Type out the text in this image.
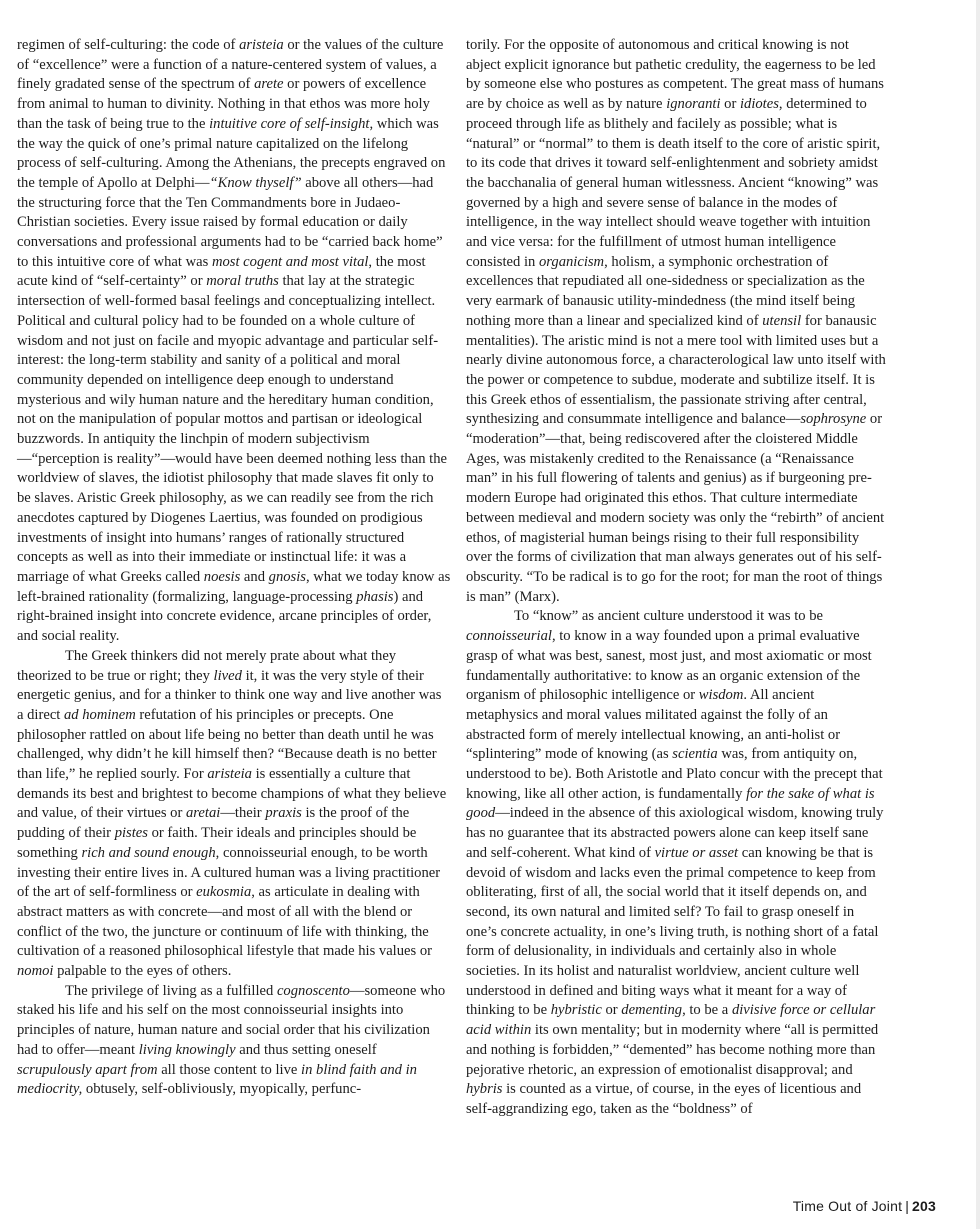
regimen of self-culturing: the code of aristeia or the values of the culture of “excellence” were a function of a nature-centered system of values, a finely gradated sense of the spectrum of arete or powers of excellence from animal to human to divinity. Nothing in that ethos was more holy than the task of being true to the intuitive core of self-insight, which was the way the quick of one’s primal nature capitalized on the lifelong process of self-culturing. Among the Athenians, the precepts engraved on the temple of Apollo at Delphi—“Know thyself” above all others—had the structuring force that the Ten Commandments bore in Judaeo-Christian societies. Every issue raised by formal education or daily conversations and professional arguments had to be “carried back home” to this intuitive core of what was most cogent and most vital, the most acute kind of “self-certainty” or moral truths that lay at the strategic intersection of well-formed basal feelings and conceptualizing intellect. Political and cultural policy had to be founded on a whole culture of wisdom and not just on facile and myopic advantage and particular self-interest: the long-term stability and sanity of a political and moral community depended on intelligence deep enough to understand mysterious and wily human nature and the hereditary human condition, not on the manipulation of popular mottos and partisan or ideological buzzwords. In antiquity the linchpin of modern subjectivism—“perception is reality”—would have been deemed nothing less than the worldview of slaves, the idiotist philosophy that made slaves fit only to be slaves. Aristic Greek philosophy, as we can readily see from the rich anecdotes captured by Diogenes Laertius, was founded on prodigious investments of insight into humans’ ranges of rationally structured concepts as well as into their immediate or instinctual life: it was a marriage of what Greeks called noesis and gnosis, what we today know as left-brained rationality (formalizing, language-processing phasis) and right-brained insight into concrete evidence, arcane principles of order, and social reality.

The Greek thinkers did not merely prate about what they theorized to be true or right; they lived it, it was the very style of their energetic genius, and for a thinker to think one way and live another was a direct ad hominem refutation of his principles or precepts. One philosopher rattled on about life being no better than death until he was challenged, why didn’t he kill himself then? “Because death is no better than life,” he replied sourly. For aristeia is essentially a culture that demands its best and brightest to become champions of what they believe and value, of their virtues or aretai—their praxis is the proof of the pudding of their pistes or faith. Their ideals and principles should be something rich and sound enough, connoisseurial enough, to be worth investing their entire lives in. A cultured human was a living practitioner of the art of self-formliness or eukosmia, as articulate in dealing with abstract matters as with concrete—and most of all with the blend or conflict of the two, the juncture or continuum of life with thinking, the cultivation of a reasoned philosophical lifestyle that made his values or nomoi palpable to the eyes of others.

The privilege of living as a fulfilled cognoscento—someone who staked his life and his self on the most connoisseurial insights into principles of nature, human nature and social order that his civilization had to offer—meant living knowingly and thus setting oneself scrupulously apart from all those content to live in blind faith and in mediocrity, obtusely, self-obliviously, myopically, perfunc-

torily. For the opposite of autonomous and critical knowing is not abject explicit ignorance but pathetic credulity, the eagerness to be led by someone else who postures as competent. The great mass of humans are by choice as well as by nature ignoranti or idiotes, determined to proceed through life as blithely and facilely as possible; what is “natural” or “normal” to them is death itself to the core of aristic spirit, to its code that drives it toward self-enlightenment and sobriety amidst the bacchanalia of general human witlessness. Ancient “knowing” was governed by a high and severe sense of balance in the modes of intelligence, in the way intellect should weave together with intuition and vice versa: for the fulfillment of utmost human intelligence consisted in organicism, holism, a symphonic orchestration of excellences that repudiated all one-sidedness or specialization as the very earmark of banausic utility-mindedness (the mind itself being nothing more than a linear and specialized kind of utensil for banausic mentalities). The aristic mind is not a mere tool with limited uses but a nearly divine autonomous force, a characterological law unto itself with the power or competence to subdue, moderate and subtilize itself. It is this Greek ethos of essentialism, the passionate striving after central, synthesizing and consummate intelligence and balance—sophrosyne or “moderation”—that, being rediscovered after the cloistered Middle Ages, was mistakenly credited to the Renaissance (a “Renaissance man” in his full flowering of talents and genius) as if burgeoning pre-modern Europe had originated this ethos. That culture intermediate between medieval and modern society was only the “rebirth” of ancient ethos, of magisterial human beings rising to their full responsibility over the forms of civilization that man always generates out of his self-obscurity. “To be radical is to go for the root; for man the root of things is man” (Marx).

To “know” as ancient culture understood it was to be connoisseurial, to know in a way founded upon a primal evaluative grasp of what was best, sanest, most just, and most axiomatic or most fundamentally authoritative: to know as an organic extension of the organism of philosophic intelligence or wisdom. All ancient metaphysics and moral values militated against the folly of an abstracted form of merely intellectual knowing, an anti-holist or “splintering” mode of knowing (as scientia was, from antiquity on, understood to be). Both Aristotle and Plato concur with the precept that knowing, like all other action, is fundamentally for the sake of what is good—indeed in the absence of this axiological wisdom, knowing truly has no guarantee that its abstracted powers alone can keep itself sane and self-coherent. What kind of virtue or asset can knowing be that is devoid of wisdom and lacks even the primal competence to keep from obliterating, first of all, the social world that it itself depends on, and second, its own natural and limited self? To fail to grasp oneself in one’s concrete actuality, in one’s living truth, is nothing short of a fatal form of delusionality, in individuals and certainly also in whole societies. In its holist and naturalist worldview, ancient culture well understood in defined and biting ways what it meant for a way of thinking to be hybristic or dementing, to be a divisive force or cellular acid within its own mentality; but in modernity where “all is permitted and nothing is forbidden,” “demented” has become nothing more than pejorative rhetoric, an expression of emotionalist disapproval; and hybris is counted as a virtue, of course, in the eyes of licentious and self-aggrandizing ego, taken as the “boldness” of

Time Out of Joint | 203
